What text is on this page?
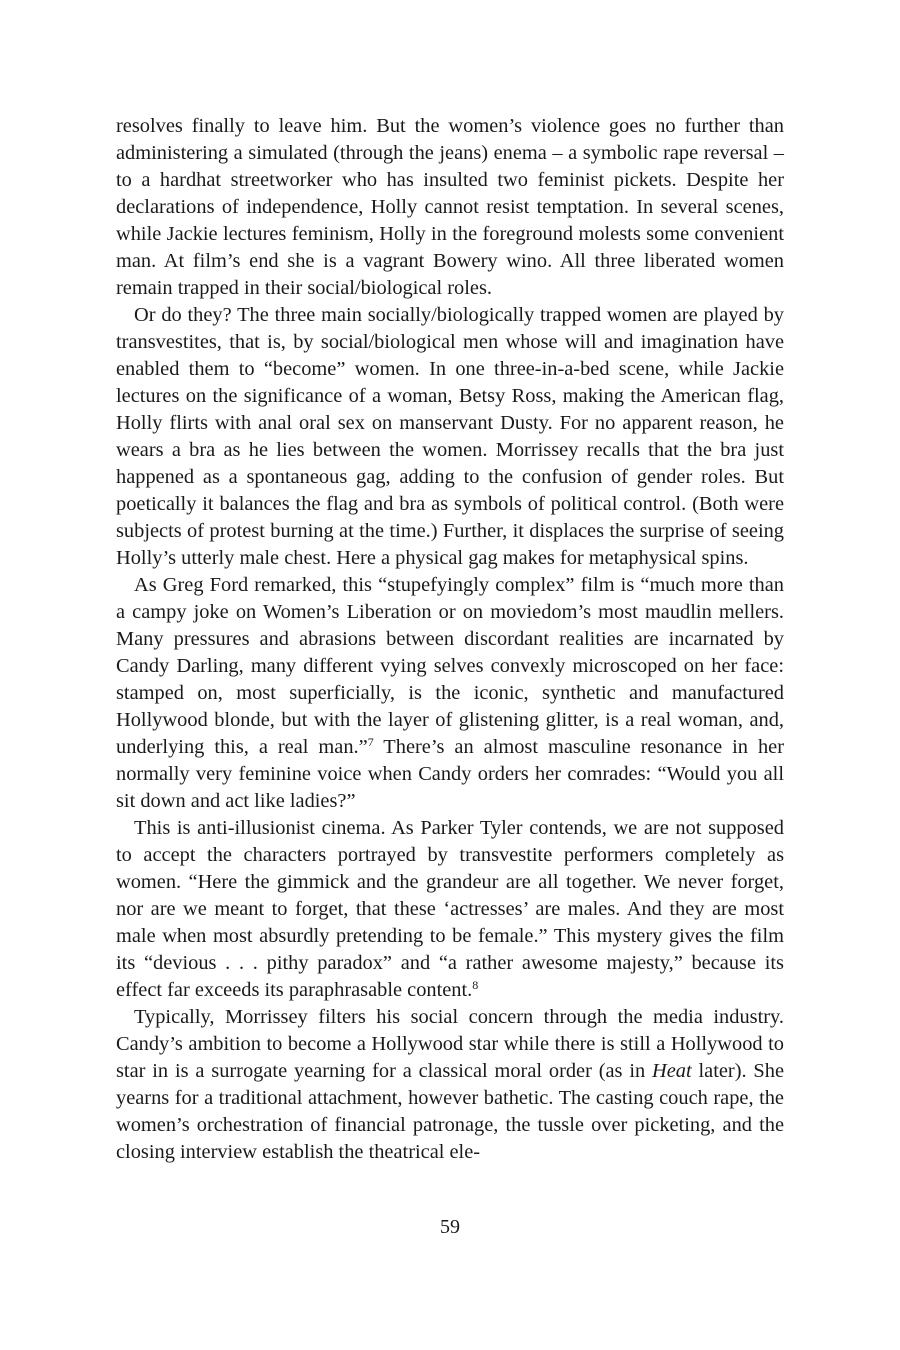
resolves finally to leave him. But the women’s violence goes no further than administering a simulated (through the jeans) enema – a symbolic rape reversal – to a hardhat streetworker who has insulted two feminist pickets. Despite her declarations of independence, Holly cannot resist temptation. In several scenes, while Jackie lectures feminism, Holly in the foreground molests some convenient man. At film’s end she is a vagrant Bowery wino. All three liberated women remain trapped in their social/biological roles.

Or do they? The three main socially/biologically trapped women are played by transvestites, that is, by social/biological men whose will and imagination have enabled them to “become” women. In one three-in-a-bed scene, while Jackie lectures on the significance of a woman, Betsy Ross, making the American flag, Holly flirts with anal oral sex on manservant Dusty. For no apparent reason, he wears a bra as he lies between the women. Morrissey recalls that the bra just happened as a spontaneous gag, adding to the confusion of gender roles. But poetically it balances the flag and bra as symbols of political control. (Both were subjects of protest burning at the time.) Further, it displaces the surprise of seeing Holly’s utterly male chest. Here a physical gag makes for metaphysical spins.

As Greg Ford remarked, this “stupefyingly complex” film is “much more than a campy joke on Women’s Liberation or on moviedom’s most maudlin mellers. Many pressures and abrasions between discordant realities are incarnated by Candy Darling, many different vying selves convexly microscoped on her face: stamped on, most superficially, is the iconic, synthetic and manufactured Hollywood blonde, but with the layer of glistening glitter, is a real woman, and, underlying this, a real man.”$^7$ There’s an almost masculine resonance in her normally very feminine voice when Candy orders her comrades: “Would you all sit down and act like ladies?”

This is anti-illusionist cinema. As Parker Tyler contends, we are not supposed to accept the characters portrayed by transvestite performers completely as women. “Here the gimmick and the grandeur are all together. We never forget, nor are we meant to forget, that these ‘actresses’ are males. And they are most male when most absurdly pretending to be female.” This mystery gives the film its “devious . . . pithy paradox” and “a rather awesome majesty,” because its effect far exceeds its paraphrasable content.$^8$

Typically, Morrissey filters his social concern through the media industry. Candy’s ambition to become a Hollywood star while there is still a Hollywood to star in is a surrogate yearning for a classical moral order (as in Heat later). She yearns for a traditional attachment, however bathetic. The casting couch rape, the women’s orchestration of financial patronage, the tussle over picketing, and the closing interview establish the theatrical ele-

59
